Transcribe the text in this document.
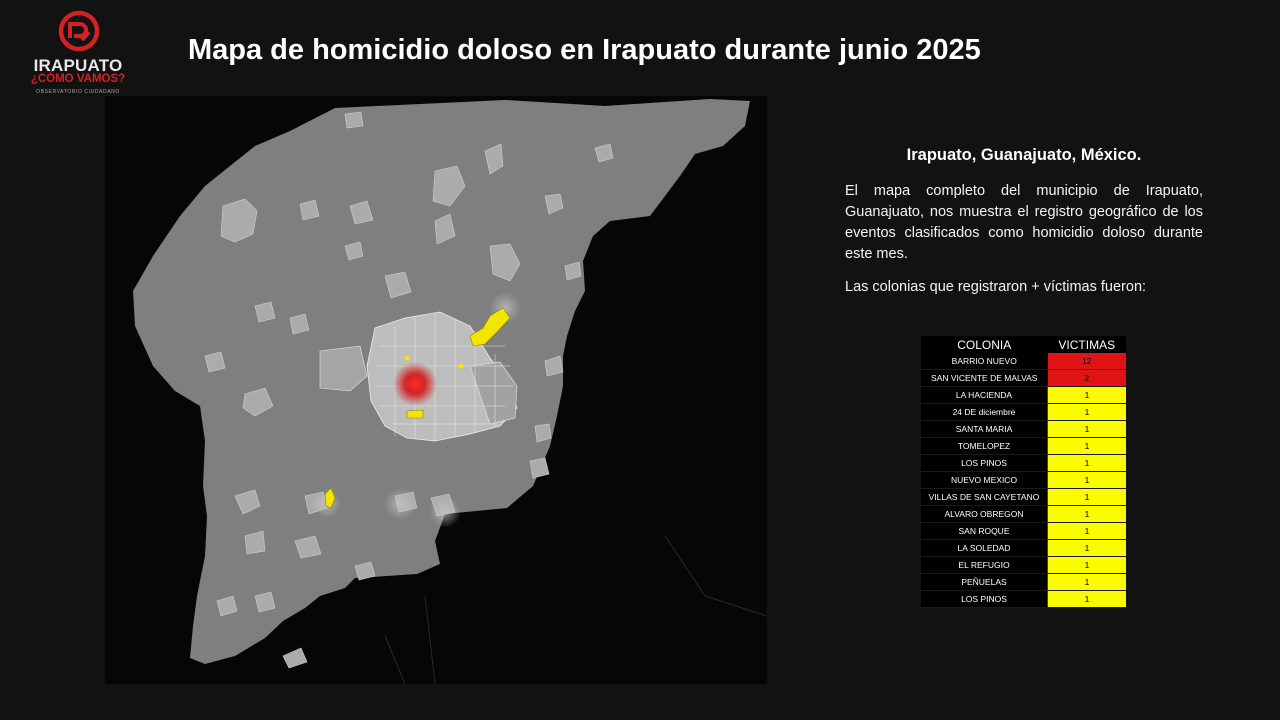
IRAPUATO
¿CÓMO VAMOS?
OBSERVATORIO CIUDADANO
Mapa de homicidio doloso en Irapuato durante junio 2025
Irapuato, Guanajuato, México.
El mapa completo del municipio de Irapuato, Guanajuato, nos muestra el registro geográfico de los eventos clasificados como homicidio doloso durante este mes.
Las colonias que registraron + víctimas fueron:
COLONIA	VICTIMAS
BARRIO NUEVO	12
SAN VICENTE DE MALVAS	2
LA HACIENDA	1
24 DE diciembre	1
SANTA MARIA	1
TOMELOPEZ	1
LOS PINOS	1
NUEVO MEXICO	1
VILLAS DE SAN CAYETANO	1
ALVARO OBREGON	1
SAN ROQUE	1
LA SOLEDAD	1
EL REFUGIO	1
PEÑUELAS	1
LOS PINOS	1
